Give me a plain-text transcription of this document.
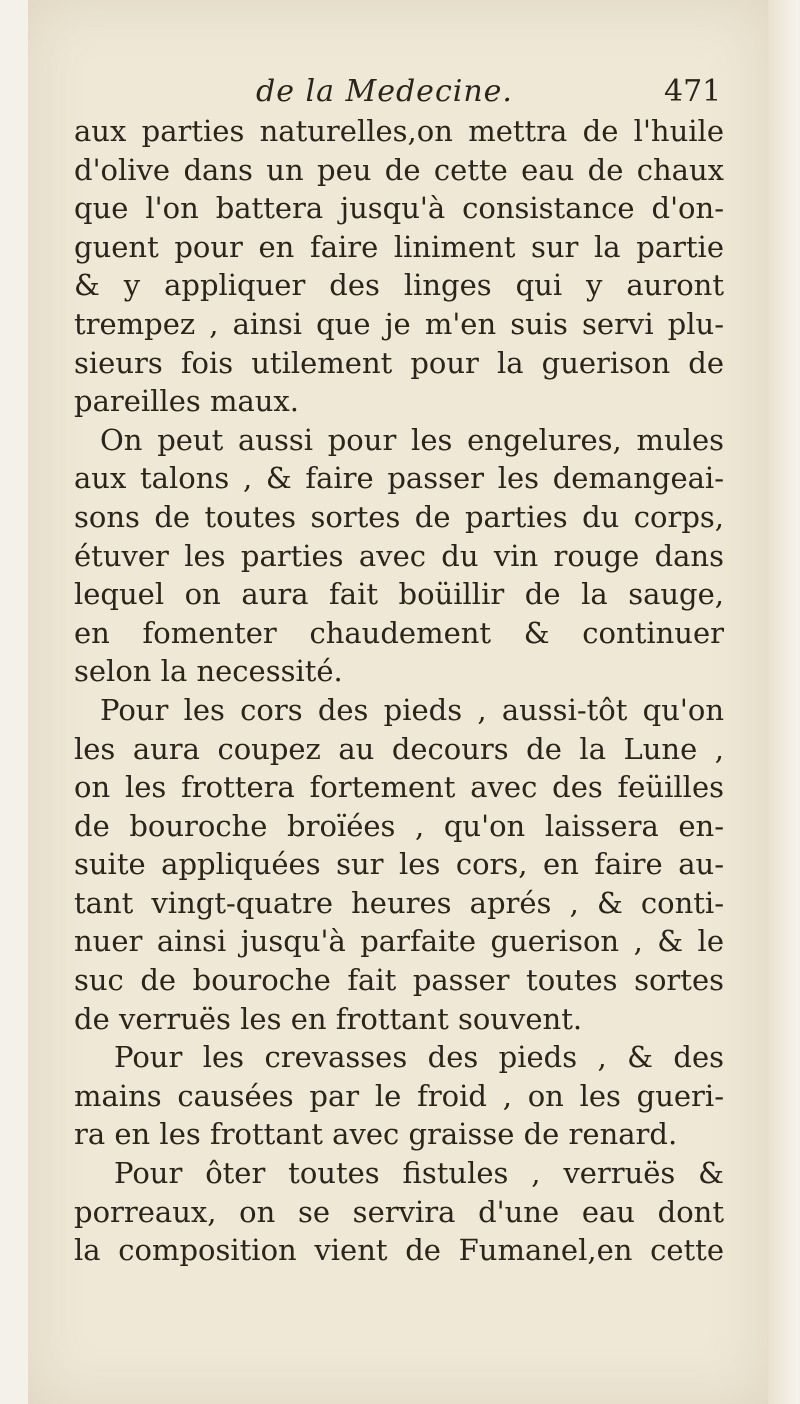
de la Medecine.	471
aux parties naturelles,on mettra de l'huile
d'olive dans un peu de cette eau de chaux
que l'on battera jusqu'à consistance d'on-
guent pour en faire liniment sur la partie
& y appliquer des linges qui y auront
trempez , ainsi que je m'en suis servi plu-
sieurs fois utilement pour la guerison de
pareilles maux.
On peut aussi pour les engelures, mules
aux talons , & faire passer les demangeai-
sons de toutes sortes de parties du corps,
étuver les parties avec du vin rouge dans
lequel on aura fait boüillir de la sauge,
en fomenter chaudement & continuer
selon la necessité.
Pour les cors des pieds , aussi-tôt qu'on
les aura coupez au decours de la Lune ,
on les frottera fortement avec des feüilles
de bouroche broïées , qu'on laissera en-
suite appliquées sur les cors, en faire au-
tant vingt-quatre heures aprés , & conti-
nuer ainsi jusqu'à parfaite guerison , & le
suc de bouroche fait passer toutes sortes
de verruës les en frottant souvent.
Pour les crevasses des pieds , & des
mains causées par le froid , on les gueri-
ra en les frottant avec graisse de renard.
Pour ôter toutes fistules , verruës &
porreaux, on se servira d'une eau dont
la composition vient de Fumanel,en cette
